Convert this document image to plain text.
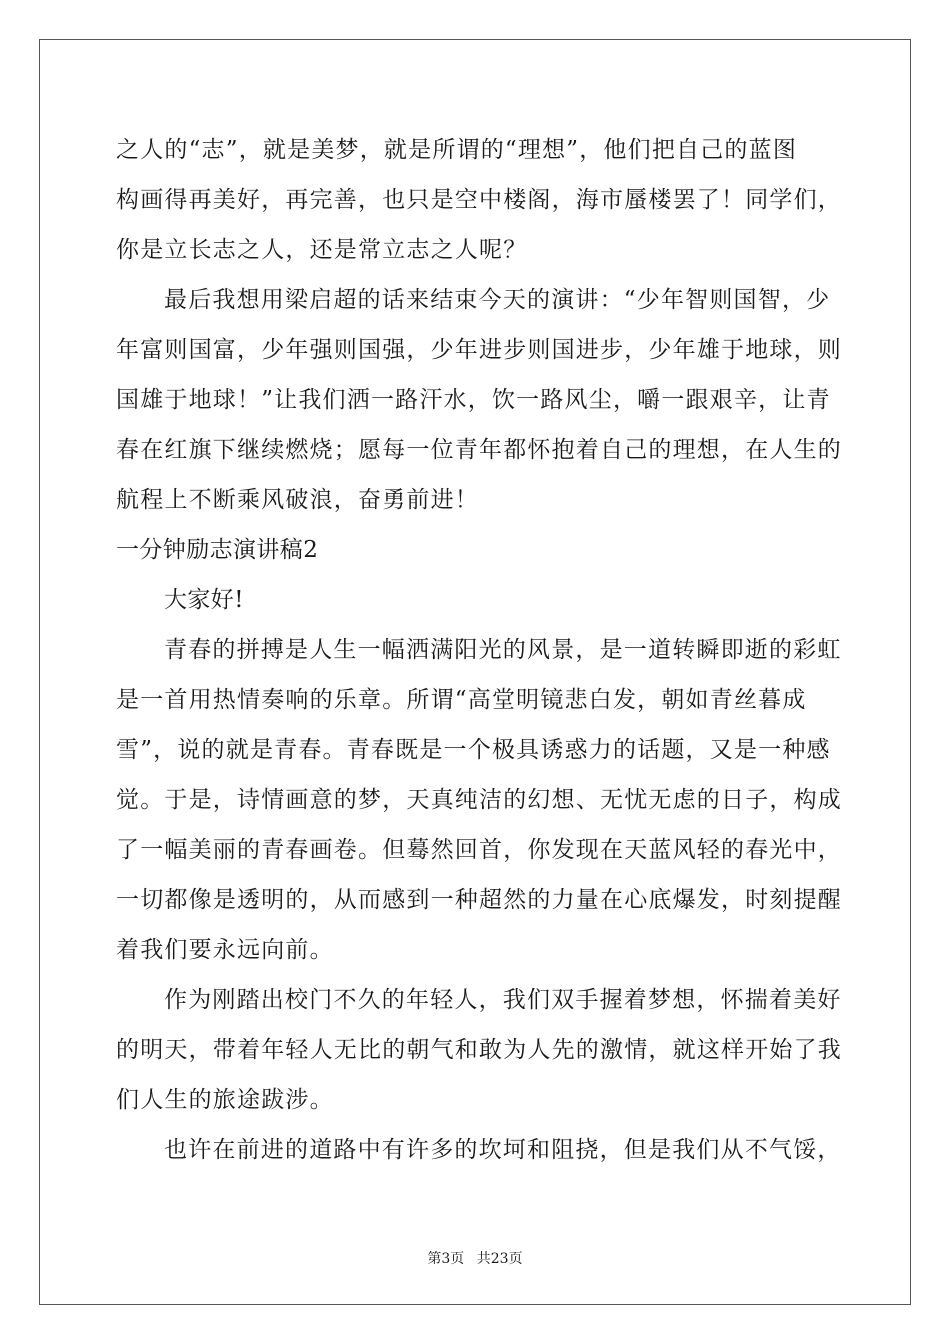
之人的“志”，就是美梦，就是所谓的“理想”，他们把自己的蓝图
构画得再美好，再完善，也只是空中楼阁，海市蜃楼罢了！同学们，
你是立长志之人，还是常立志之人呢？
最后我想用梁启超的话来结束今天的演讲：“少年智则国智，少
年富则国富，少年强则国强，少年进步则国进步，少年雄于地球，则
国雄于地球！”让我们洒一路汗水，饮一路风尘，嚼一跟艰辛，让青
春在红旗下继续燃烧；愿每一位青年都怀抱着自己的理想，在人生的
航程上不断乘风破浪，奋勇前进！
一分钟励志演讲稿2
大家好!
青春的拼搏是人生一幅洒满阳光的风景，是一道转瞬即逝的彩虹
是一首用热情奏响的乐章。所谓“高堂明镜悲白发，朝如青丝暮成
雪”，说的就是青春。青春既是一个极具诱惑力的话题，又是一种感
觉。于是，诗情画意的梦，天真纯洁的幻想、无忧无虑的日子，构成
了一幅美丽的青春画卷。但蓦然回首，你发现在天蓝风轻的春光中，
一切都像是透明的，从而感到一种超然的力量在心底爆发，时刻提醒
着我们要永远向前。
作为刚踏出校门不久的年轻人，我们双手握着梦想，怀揣着美好
的明天，带着年轻人无比的朝气和敢为人先的激情，就这样开始了我
们人生的旅途跋涉。
也许在前进的道路中有许多的坎坷和阻挠，但是我们从不气馁，
第3页 共23页
